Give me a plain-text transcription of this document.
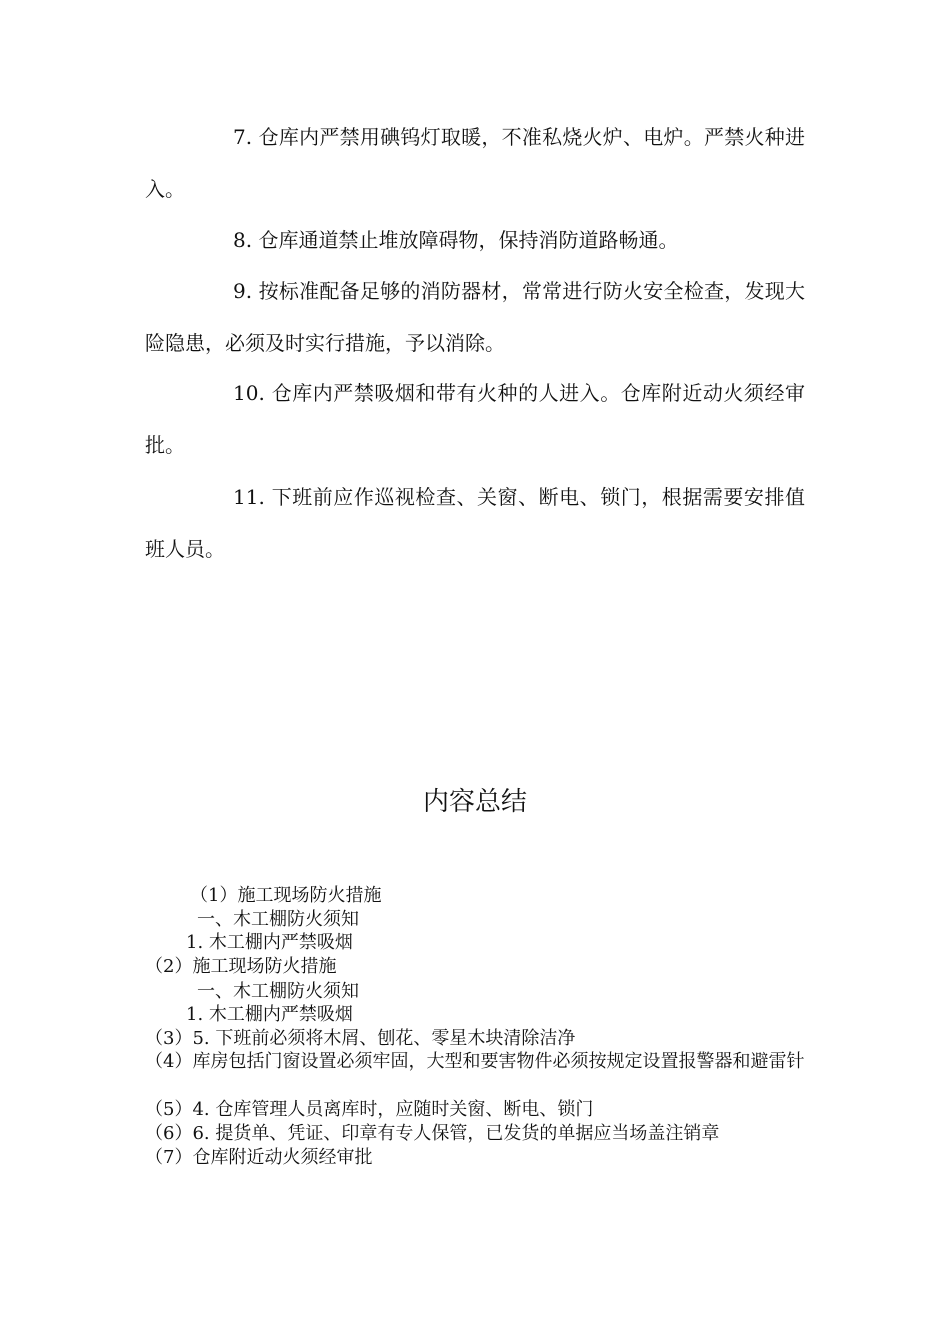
7. 仓库内严禁用碘钨灯取暖，不准私烧火炉、电炉。严禁火种进入。

8. 仓库通道禁止堆放障碍物，保持消防道路畅通。

9. 按标准配备足够的消防器材，常常进行防火安全检查，发现大险隐患，必须及时实行措施，予以消除。

10. 仓库内严禁吸烟和带有火种的人进入。仓库附近动火须经审批。

11. 下班前应作巡视检查、关窗、断电、锁门，根据需要安排值班人员。

内容总结

（1）施工现场防火措施

一、木工棚防火须知

1. 木工棚内严禁吸烟

（2）施工现场防火措施

一、木工棚防火须知

1. 木工棚内严禁吸烟

（3）5. 下班前必须将木屑、刨花、零星木块清除洁净

（4）库房包括门窗设置必须牢固，大型和要害物件必须按规定设置报警器和避雷针

（5）4. 仓库管理人员离库时，应随时关窗、断电、锁门

（6）6. 提货单、凭证、印章有专人保管，已发货的单据应当场盖注销章

（7）仓库附近动火须经审批
